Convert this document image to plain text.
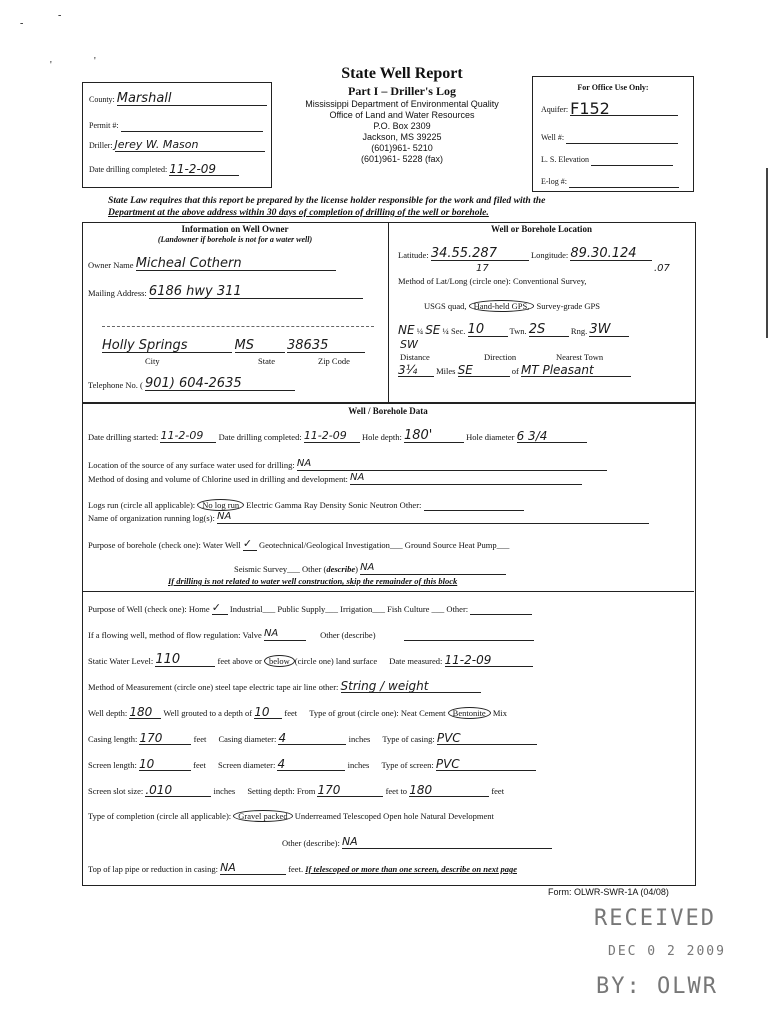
-
-
'
'
County: Marshall
Permit #:
Driller: Jerey W. Mason
Date drilling completed: 11-2-09
State Well Report
Part I – Driller's Log
Mississippi Department of Environmental Quality
Office of Land and Water Resources
P.O. Box 2309
Jackson, MS 39225
(601)961- 5210
(601)961- 5228 (fax)
For Office Use Only:
Aquifer: F152
Well #:
L. S. Elevation
E-log #:
State Law requires that this report be prepared by the license holder responsible for the work and filed with the
Department at the above address within 30 days of completion of drilling of the well or borehole.
Information on Well Owner
(Landowner if borehole is not for a water well)
Owner Name Micheal Cothern
Mailing Address: 6186 hwy 311
Holly Springs	MS	38635
City	State	Zip Code
Telephone No. ( 901) 604-2635
Well or Borehole Location
Latitude: 34.55.287	Longitude: 89.30.124
17	.07
Method of Lat/Long (circle one): Conventional Survey,
USGS quad, Hand-held GPS, Survey-grade GPS
NE ¼ SE ¼ Sec. 10	Twn. 2S	Rng. 3W
SW
Distance	Direction	Nearest Town
3¼ Miles SE	of MT Pleasant
Well / Borehole Data
Date drilling started: 11-2-09 Date drilling completed: 11-2-09 Hole depth: 180'	Hole diameter 6 3/4
Location of the source of any surface water used for drilling: NA
Method of dosing and volume of Chlorine used in drilling and development: NA
Logs run (circle all applicable): No log run Electric Gamma Ray Density Sonic Neutron Other:
Name of organization running log(s): NA
Purpose of borehole (check one): Water Well ✓ Geotechnical/Geological Investigation___ Ground Source Heat Pump___
Seismic Survey___ Other (describe) NA
If drilling is not related to water well construction, skip the remainder of this block
Purpose of Well (check one): Home ✓ Industrial___ Public Supply___ Irrigation___ Fish Culture ___ Other:
If a flowing well, method of flow regulation: Valve NA	Other (describe)
Static Water Level: 110	feet above or below (circle one) land surface Date measured: 11-2-09
Method of Measurement (circle one) steel tape electric tape air line other: String / weight
Well depth: 180 Well grouted to a depth of 10 feet Type of grout (circle one): Neat Cement Bentonite Mix
Casing length: 170	feet Casing diameter: 4	inches Type of casing: PVC
Screen length: 10	feet Screen diameter: 4	inches Type of screen: PVC
Screen slot size: .010	inches Setting depth: From 170	feet to 180	feet
Type of completion (circle all applicable): Gravel packed Underreamed Telescoped Open hole Natural Development
Other (describe): NA
Top of lap pipe or reduction in casing: NA	feet. If telescoped or more than one screen, describe on next page
Form: OLWR-SWR-1A (04/08)
RECEIVED
DEC 0 2 2009
BY: OLWR
